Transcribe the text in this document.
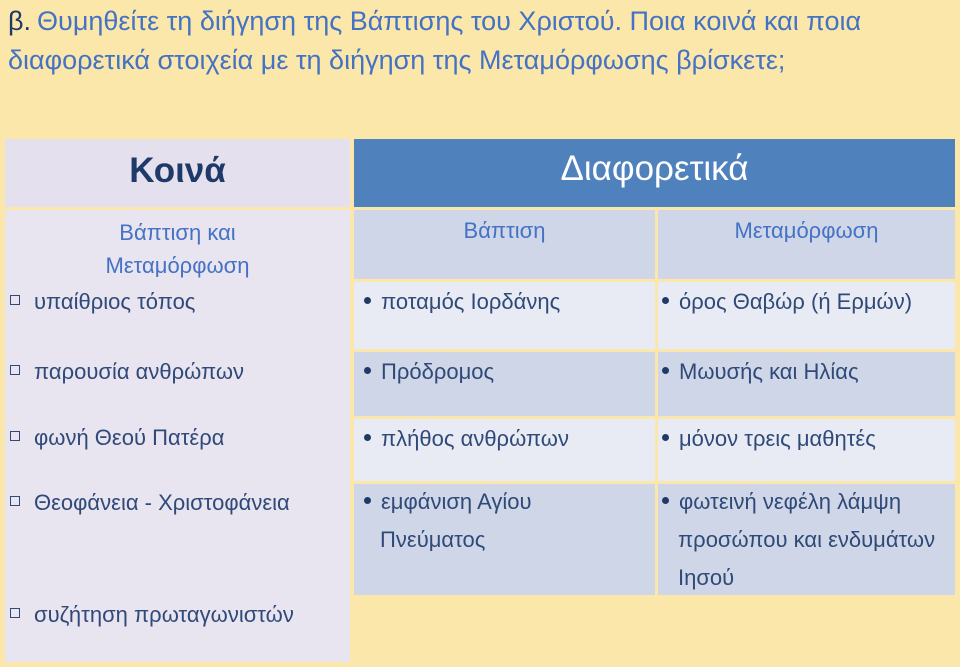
β. Θυμηθείτε τη διήγηση της Βάπτισης του Χριστού. Ποια κοινά και ποια διαφορετικά στοιχεία με τη διήγηση της Μεταμόρφωσης βρίσκετε;
Κοινά	Διαφορετικά
Βάπτιση και Μεταμόρφωση
Βάπτιση	Μεταμόρφωση
υπαίθριος τόπος
παρουσία ανθρώπων
φωνή Θεού Πατέρα
Θεοφάνεια - Χριστοφάνεια
συζήτηση πρωταγωνιστών
ποταμός Ιορδάνης
Πρόδρομος
πλήθος ανθρώπων
εμφάνιση Αγίου Πνεύματος
όρος Θαβώρ (ή Ερμών)
Μωυσής και Ηλίας
μόνον τρεις μαθητές
φωτεινή νεφέλη λάμψη προσώπου και ενδυμάτων Ιησού
